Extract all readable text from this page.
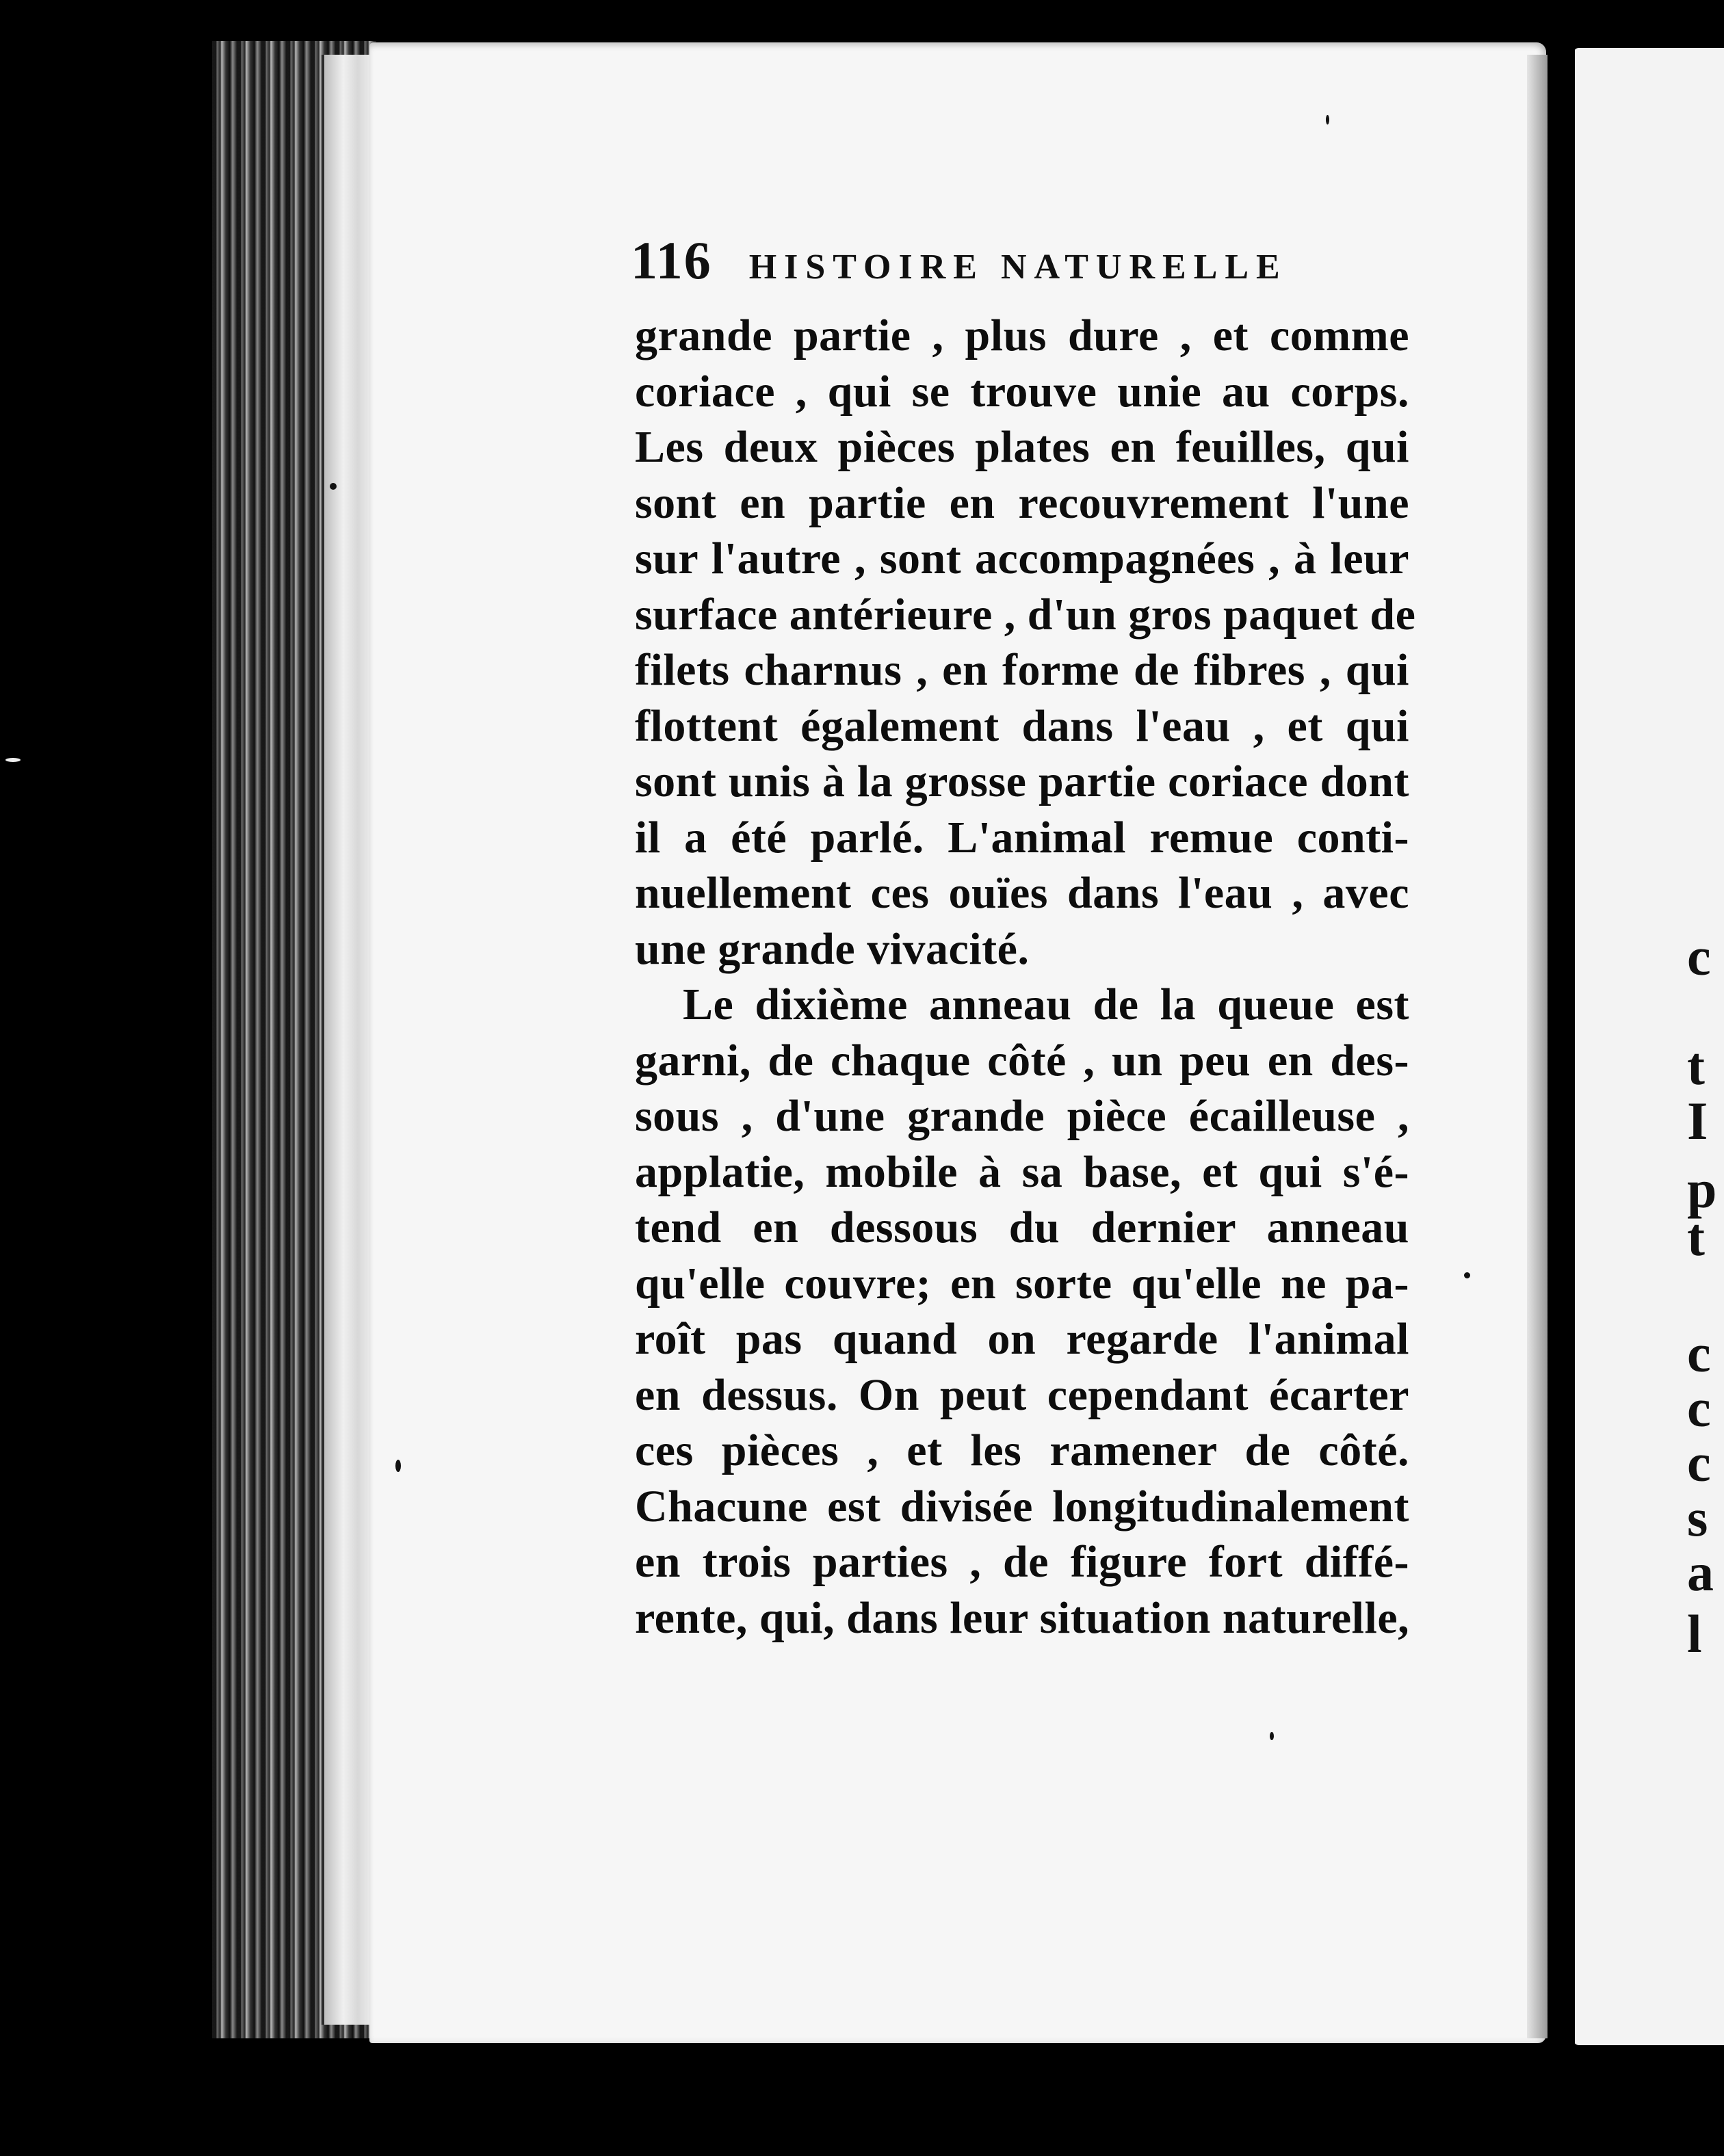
c
t
I
p
t
c
c
c
s
a
l
116 HISTOIRE NATURELLE
grande partie , plus dure , et comme
coriace , qui se trouve unie au corps.
Les deux pièces plates en feuilles, qui
sont en partie en recouvrement l'une
sur l'autre , sont accompagnées , à leur
surface antérieure , d'un gros paquet de
filets charnus , en forme de fibres , qui
flottent également dans l'eau , et qui
sont unis à la grosse partie coriace dont
il a été parlé. L'animal remue conti-
nuellement ces ouïes dans l'eau , avec
une grande vivacité.
Le dixième anneau de la queue est
garni, de chaque côté , un peu en des-
sous , d'une grande pièce écailleuse ,
applatie, mobile à sa base, et qui s'é-
tend en dessous du dernier anneau
qu'elle couvre; en sorte qu'elle ne pa-
roît pas quand on regarde l'animal
en dessus. On peut cependant écarter
ces pièces , et les ramener de côté.
Chacune est divisée longitudinalement
en trois parties , de figure fort diffé-
rente, qui, dans leur situation naturelle,
